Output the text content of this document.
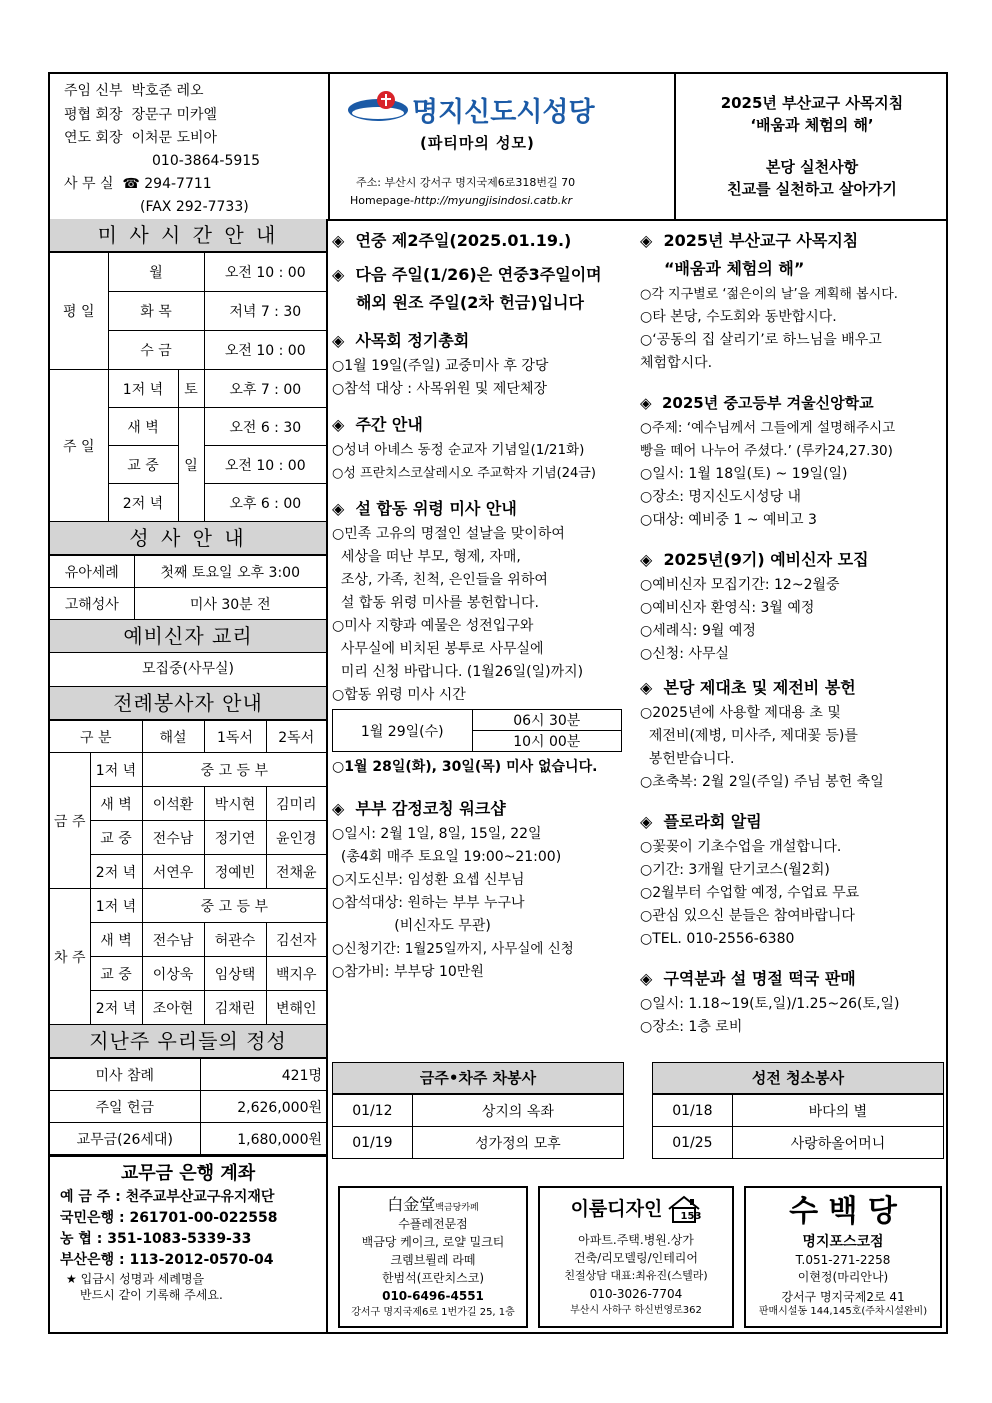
주임 신부 박호준 레오
평협 회장 장문구 미카엘
연도 회장 이처문 도비아
010-3864-5915
사 무 실 ☎ 294-7711
(FAX 292-7733)
명지신도시성당
(파티마의 성모)
주소: 부산시 강서구 명지국제6로318번길 70
Homepage-http://myungjisindosi.catb.kr
2025년 부산교구 사목지침
‘배움과 체험의 해’
본당 실천사항
친교를 실천하고 살아가기
미 사 시 간 안 내
평 일	월		오전 10 : 00
	화 목		저녁 7 : 30
	수 금		오전 10 : 00
주 일	1저 녁	토	오후 7 : 00
	새 벽	일	오전 6 : 30
	교 중		오전 10 : 00
	2저 녁		오후 6 : 00
성 사 안 내
유아세례	첫째 토요일 오후 3:00
고해성사	미사 30분 전
예비신자 교리
모집중(사무실)
전례봉사자 안내
구 분		해설	1독서	2독서
금 주	1저 녁	중 고 등 부		
	새 벽	이석환	박시현	김미리
	교 중	전수남	정기연	윤인경
	2저 녁	서연우	정예빈	전채윤
차 주	1저 녁	중 고 등 부		
	새 벽	전수남	허관수	김선자
	교 중	이상욱	임상택	백지우
	2저 녁	조아현	김채린	변해인
지난주 우리들의 정성
미사 참례	421명
주일 헌금	2,626,000원
교무금(26세대)	1,680,000원
교무금 은행 계좌
예 금 주 : 천주교부산교구유지재단
국민은행 : 261701-00-022558
농 협 : 351-1083-5339-33
부산은행 : 113-2012-0570-04
★ 입금시 성명과 세례명을
반드시 같이 기록해 주세요.
◈  연중 제2주일(2025.01.19.)
◈  다음 주일(1/26)은 연중3주일이며
해외 원조 주일(2차 헌금)입니다
◈  사목회 정기총회
○1월 19일(주일) 교중미사 후 강당
○참석 대상 : 사목위원 및 제단체장
◈  주간 안내
○성녀 아녜스 동정 순교자 기념일(1/21화)
○성 프란치스코살레시오 주교학자 기념(24금)
◈  설 합동 위령 미사 안내
○민족 고유의 명절인 설날을 맞이하여
세상을 떠난 부모, 형제, 자매,
조상, 가족, 친척, 은인들을 위하여
설 합동 위령 미사를 봉헌합니다.
○미사 지향과 예물은 성전입구와
사무실에 비치된 봉투로 사무실에
미리 신청 바랍니다. (1월26일(일)까지)
○합동 위령 미사 시간
1월 29일(수)	06시 30분
10시 00분
○1월 28일(화), 30일(목) 미사 없습니다.
◈  부부 감정코칭 워크샵
○일시: 2월 1일, 8일, 15일, 22일
(총4회 매주 토요일 19:00~21:00)
○지도신부: 임성환 요셉 신부님
○참석대상: 원하는 부부 누구나
(비신자도 무관)
○신청기간: 1월25일까지, 사무실에 신청
○참가비: 부부당 10만원
◈  2025년 부산교구 사목지침
“배움과 체험의 해”
○각 지구별로 ‘젊은이의 날’을 계획해 봅시다.
○타 본당, 수도회와 동반합시다.
○‘공동의 집 살리기’로 하느님을 배우고
체험합시다.
◈  2025년 중고등부 겨울신앙학교
○주제: ‘예수님께서 그들에게 설명해주시고
빵을 떼어 나누어 주셨다.’ (루카24,27.30)
○일시: 1월 18일(토) ~ 19일(일)
○장소: 명지신도시성당 내
○대상: 예비중 1 ~ 예비고 3
◈  2025년(9기) 예비신자 모집
○예비신자 모집기간: 12~2월중
○예비신자 환영식: 3월 예정
○세례식: 9월 예정
○신청: 사무실
◈  본당 제대초 및 제전비 봉헌
○2025년에 사용할 제대용 초 및
제전비(제병, 미사주, 제대꽃 등)를
봉헌받습니다.
○초축복: 2월 2일(주일) 주님 봉헌 축일
◈  플로라회 알림
○꽃꽂이 기초수업을 개설합니다.
○기간: 3개월 단기코스(월2회)
○2월부터 수업할 예정, 수업료 무료
○관심 있으신 분들은 참여바랍니다
○TEL. 010-2556-6380
◈  구역분과 설 명절 떡국 판매
○일시: 1.18~19(토,일)/1.25~26(토,일)
○장소: 1층 로비
금주•차주 차봉사
01/12	상지의 옥좌
01/19	성가정의 모후
성전 청소봉사
01/18	바다의 별
01/25	사랑하올어머니
白金堂백금당카페
수플레전문점
백금당 케이크, 로얄 밀크티
크렘브륄레 라떼
한범석(프란치스코)
010-6496-4551
강서구 명지국제6로 1번가길 25, 1층
이룸디자인 $_{153}$
아파트.주택.병원.상가
건축/리모델링/인테리어
친절상담 대표:최유진(스텔라)
010-3026-7704
부산시 사하구 하신번영로362
수 백 당
명지포스코점
T.051-271-2258
이현정(마리안나)
강서구 명지국제2로 41
판매시설동 144,145호(주차시설완비)
